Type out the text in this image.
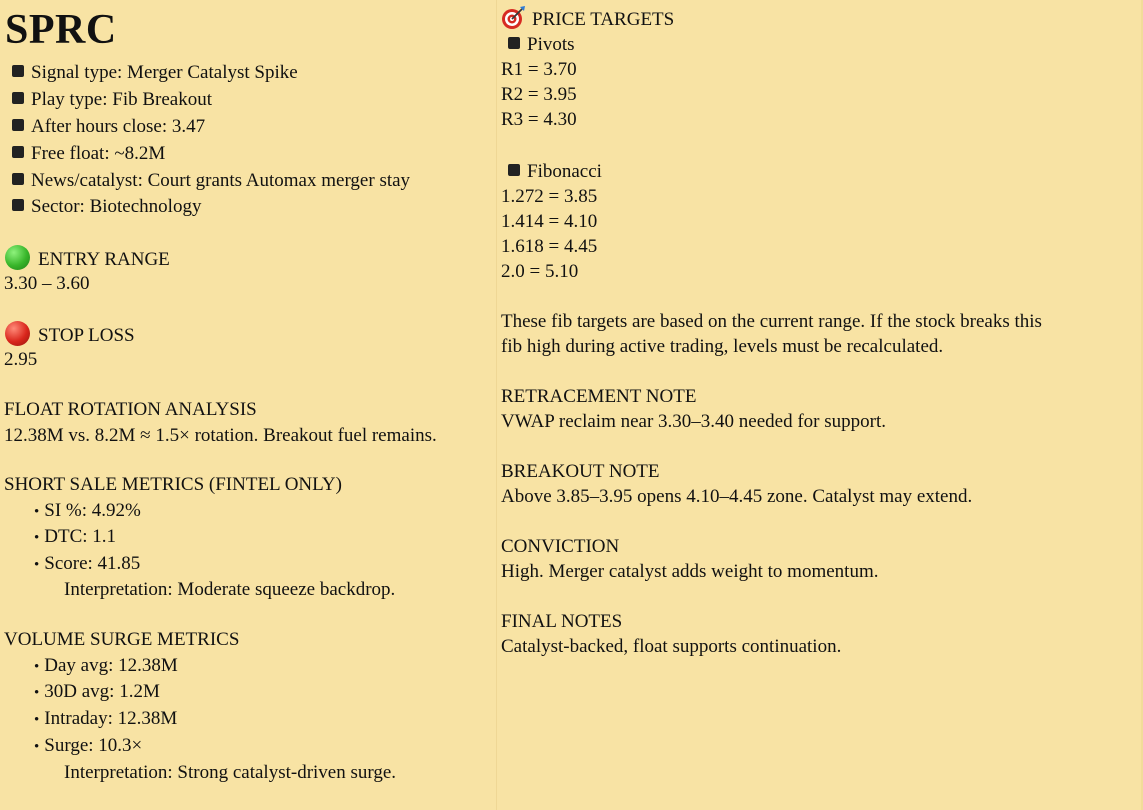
SPRC
Signal type: Merger Catalyst Spike
Play type: Fib Breakout
After hours close: 3.47
Free float: ~8.2M
News/catalyst: Court grants Automax merger stay
Sector: Biotechnology
ENTRY RANGE
3.30 – 3.60
STOP LOSS
2.95
FLOAT ROTATION ANALYSIS
12.38M vs. 8.2M ≈ 1.5× rotation. Breakout fuel remains.
SHORT SALE METRICS (FINTEL ONLY)
• SI %: 4.92%
• DTC: 1.1
• Score: 41.85
Interpretation: Moderate squeeze backdrop.
VOLUME SURGE METRICS
• Day avg: 12.38M
• 30D avg: 1.2M
• Intraday: 12.38M
• Surge: 10.3×
Interpretation: Strong catalyst-driven surge.
PRICE TARGETS
Pivots
R1 = 3.70
R2 = 3.95
R3 = 4.30
Fibonacci
1.272 = 3.85
1.414 = 4.10
1.618 = 4.45
2.0 = 5.10
These fib targets are based on the current range. If the stock breaks this
fib high during active trading, levels must be recalculated.
RETRACEMENT NOTE
VWAP reclaim near 3.30–3.40 needed for support.
BREAKOUT NOTE
Above 3.85–3.95 opens 4.10–4.45 zone. Catalyst may extend.
CONVICTION
High. Merger catalyst adds weight to momentum.
FINAL NOTES
Catalyst-backed, float supports continuation.
